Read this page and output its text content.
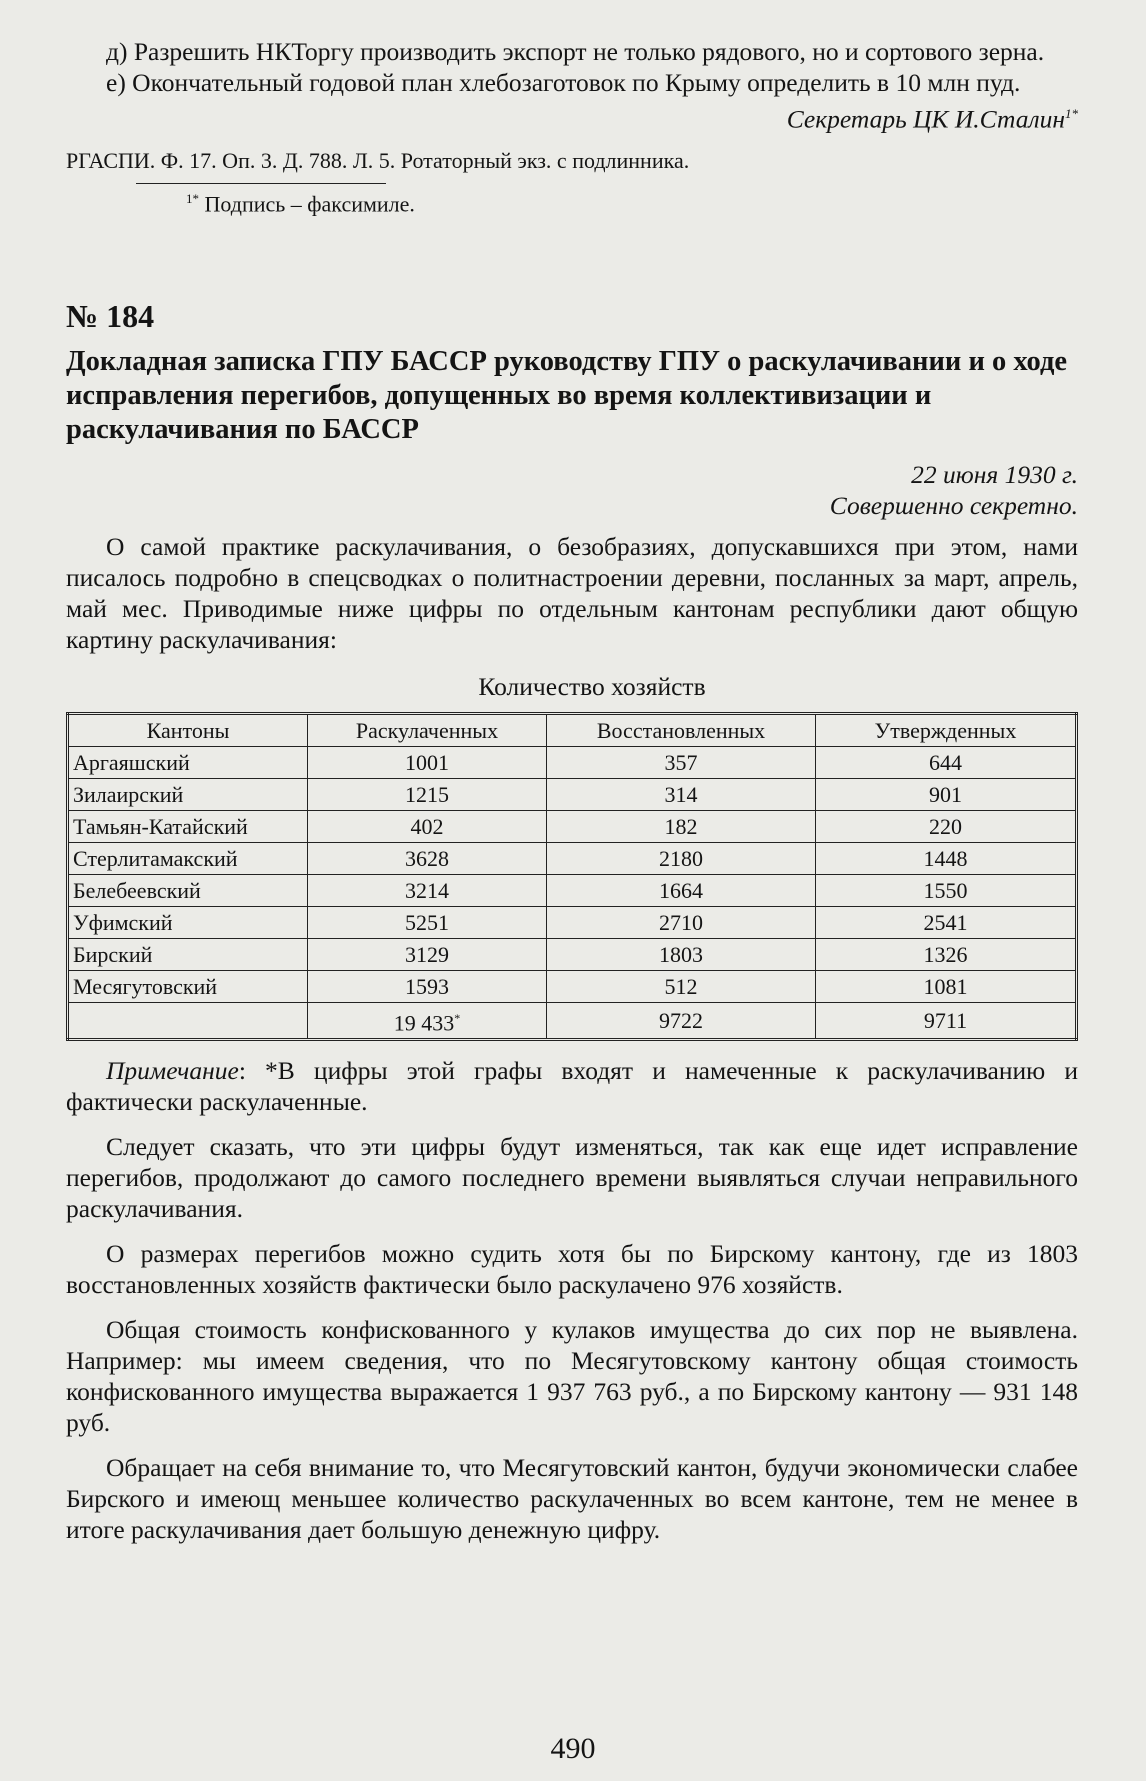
д) Разрешить НКТоргу производить экспорт не только рядового, но и сортового зерна.

е) Окончательный годовой план хлебозаготовок по Крыму определить в 10 млн пуд.

Секретарь ЦК И.Сталин$^{1*}$

РГАСПИ. Ф. 17. Оп. 3. Д. 788. Л. 5. Ротаторный экз. с подлинника.

$^{1*}$ Подпись – факсимиле.

№ 184
Докладная записка ГПУ БАССР руководству ГПУ о раскулачивании и о ходе исправления перегибов, допущенных во время коллективизации и раскулачивания по БАССР

22 июня 1930 г.

Совершенно секретно.

О самой практике раскулачивания, о безобразиях, допускавшихся при этом, нами писалось подробно в спецсводках о политнастроении деревни, посланных за март, апрель, май мес. Приводимые ниже цифры по отдельным кантонам республики дают общую картину раскулачивания:

Количество хозяйств
Кантоны	Раскулаченных	Восстановленных	Утвержденных
Аргаяшский	1001	357	644
Зилаирский	1215	314	901
Тамьян-Катайский	402	182	220
Стерлитамакский	3628	2180	1448
Белебеевский	3214	1664	1550
Уфимский	5251	2710	2541
Бирский	3129	1803	1326
Месягутовский	1593	512	1081
	19 433*	9722	9711

Примечание: *В цифры этой графы входят и намеченные к раскулачиванию и фактически раскулаченные.

Следует сказать, что эти цифры будут изменяться, так как еще идет исправление перегибов, продолжают до самого последнего времени выявляться случаи неправильного раскулачивания.

О размерах перегибов можно судить хотя бы по Бирскому кантону, где из 1803 восстановленных хозяйств фактически было раскулачено 976 хозяйств.

Общая стоимость конфискованного у кулаков имущества до сих пор не выявлена. Например: мы имеем сведения, что по Месягутовскому кантону общая стоимость конфискованного имущества выражается 1 937 763 руб., а по Бирскому кантону — 931 148 руб.

Обращает на себя внимание то, что Месягутовский кантон, будучи экономически слабее Бирского и имеющ меньшее количество раскулаченных во всем кантоне, тем не менее в итоге раскулачивания дает большую денежную цифру.

490
